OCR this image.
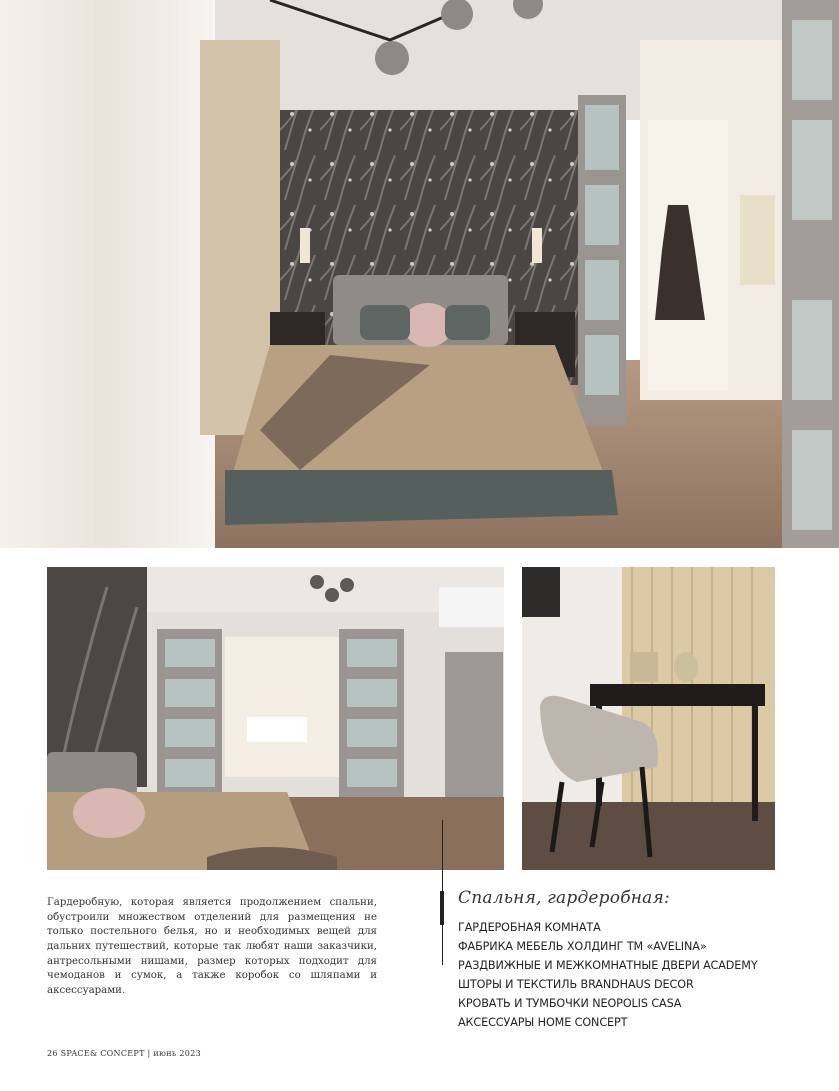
Гардеробную, которая является продолжением спальни, обустроили множеством отделений для размещения не только постельного белья, но и необходимых вещей для дальних путешествий, которые так любят наши заказчики, антресольными нишами, размер которых подходит для чемоданов и сумок, а также коробок со шляпами и аксессуарами.

Спальня, гардеробная:
ГАРДЕРОБНАЯ КОМНАТА
ФАБРИКА МЕБЕЛЬ ХОЛДИНГ ТМ «AVELINA»
РАЗДВИЖНЫЕ И МЕЖКОМНАТНЫЕ ДВЕРИ ACADEMY
ШТОРЫ И ТЕКСТИЛЬ BRANDHAUS DECOR
КРОВАТЬ И ТУМБОЧКИ NEOPOLIS CASA
АКСЕССУАРЫ HOME CONCEPT
26 SPACE& CONCEPT | июнь 2023
